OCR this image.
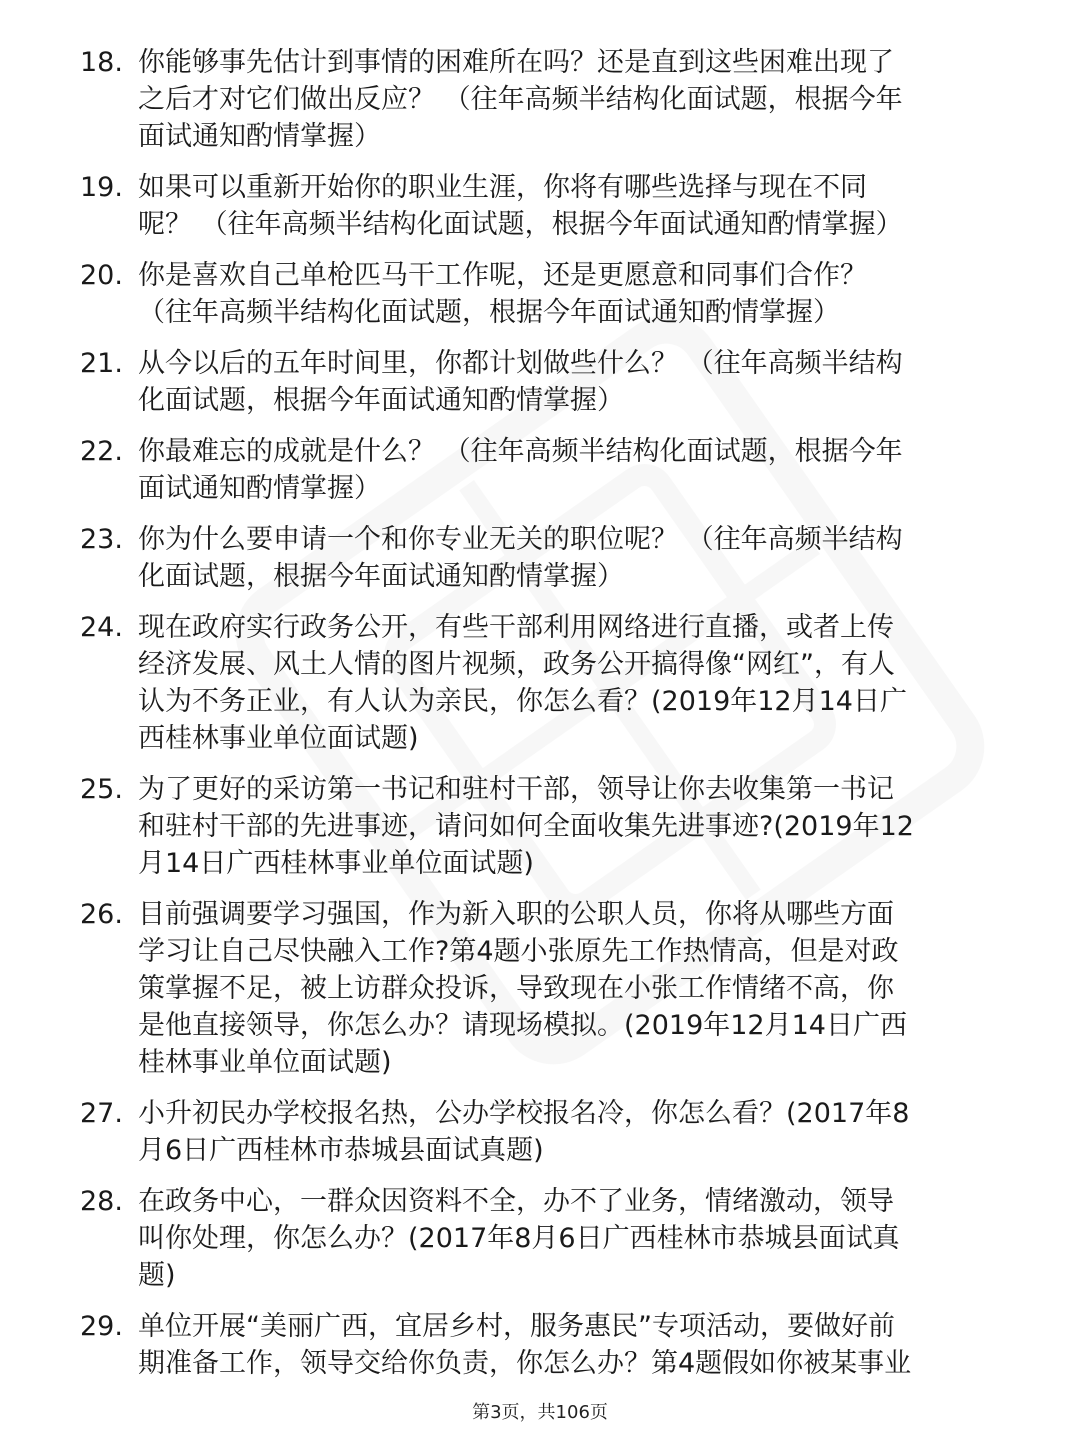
18. 你能够事先估计到事情的困难所在吗？还是直到这些困难出现了
之后才对它们做出反应？ （往年高频半结构化面试题，根据今年
面试通知酌情掌握）
19. 如果可以重新开始你的职业生涯，你将有哪些选择与现在不同
呢？ （往年高频半结构化面试题，根据今年面试通知酌情掌握）
20. 你是喜欢自己单枪匹马干工作呢，还是更愿意和同事们合作？
（往年高频半结构化面试题，根据今年面试通知酌情掌握）
21. 从今以后的五年时间里，你都计划做些什么？ （往年高频半结构
化面试题，根据今年面试通知酌情掌握）
22. 你最难忘的成就是什么？ （往年高频半结构化面试题，根据今年
面试通知酌情掌握）
23. 你为什么要申请一个和你专业无关的职位呢？ （往年高频半结构
化面试题，根据今年面试通知酌情掌握）
24. 现在政府实行政务公开，有些干部利用网络进行直播，或者上传
经济发展、风土人情的图片视频，政务公开搞得像“网红”，有人
认为不务正业，有人认为亲民，你怎么看？(2019年12月14日广
西桂林事业单位面试题)
25. 为了更好的采访第一书记和驻村干部，领导让你去收集第一书记
和驻村干部的先进事迹，请问如何全面收集先进事迹?(2019年12
月14日广西桂林事业单位面试题)
26. 目前强调要学习强国，作为新入职的公职人员，你将从哪些方面
学习让自己尽快融入工作?第4题小张原先工作热情高，但是对政
策掌握不足，被上访群众投诉，导致现在小张工作情绪不高，你
是他直接领导，你怎么办？请现场模拟。(2019年12月14日广西
桂林事业单位面试题)
27. 小升初民办学校报名热，公办学校报名冷，你怎么看？(2017年8
月6日广西桂林市恭城县面试真题)
28. 在政务中心，一群众因资料不全，办不了业务，情绪激动，领导
叫你处理，你怎么办？(2017年8月6日广西桂林市恭城县面试真
题)
29. 单位开展“美丽广西，宜居乡村，服务惠民”专项活动，要做好前
期准备工作，领导交给你负责，你怎么办？第4题假如你被某事业
第3页，共106页
